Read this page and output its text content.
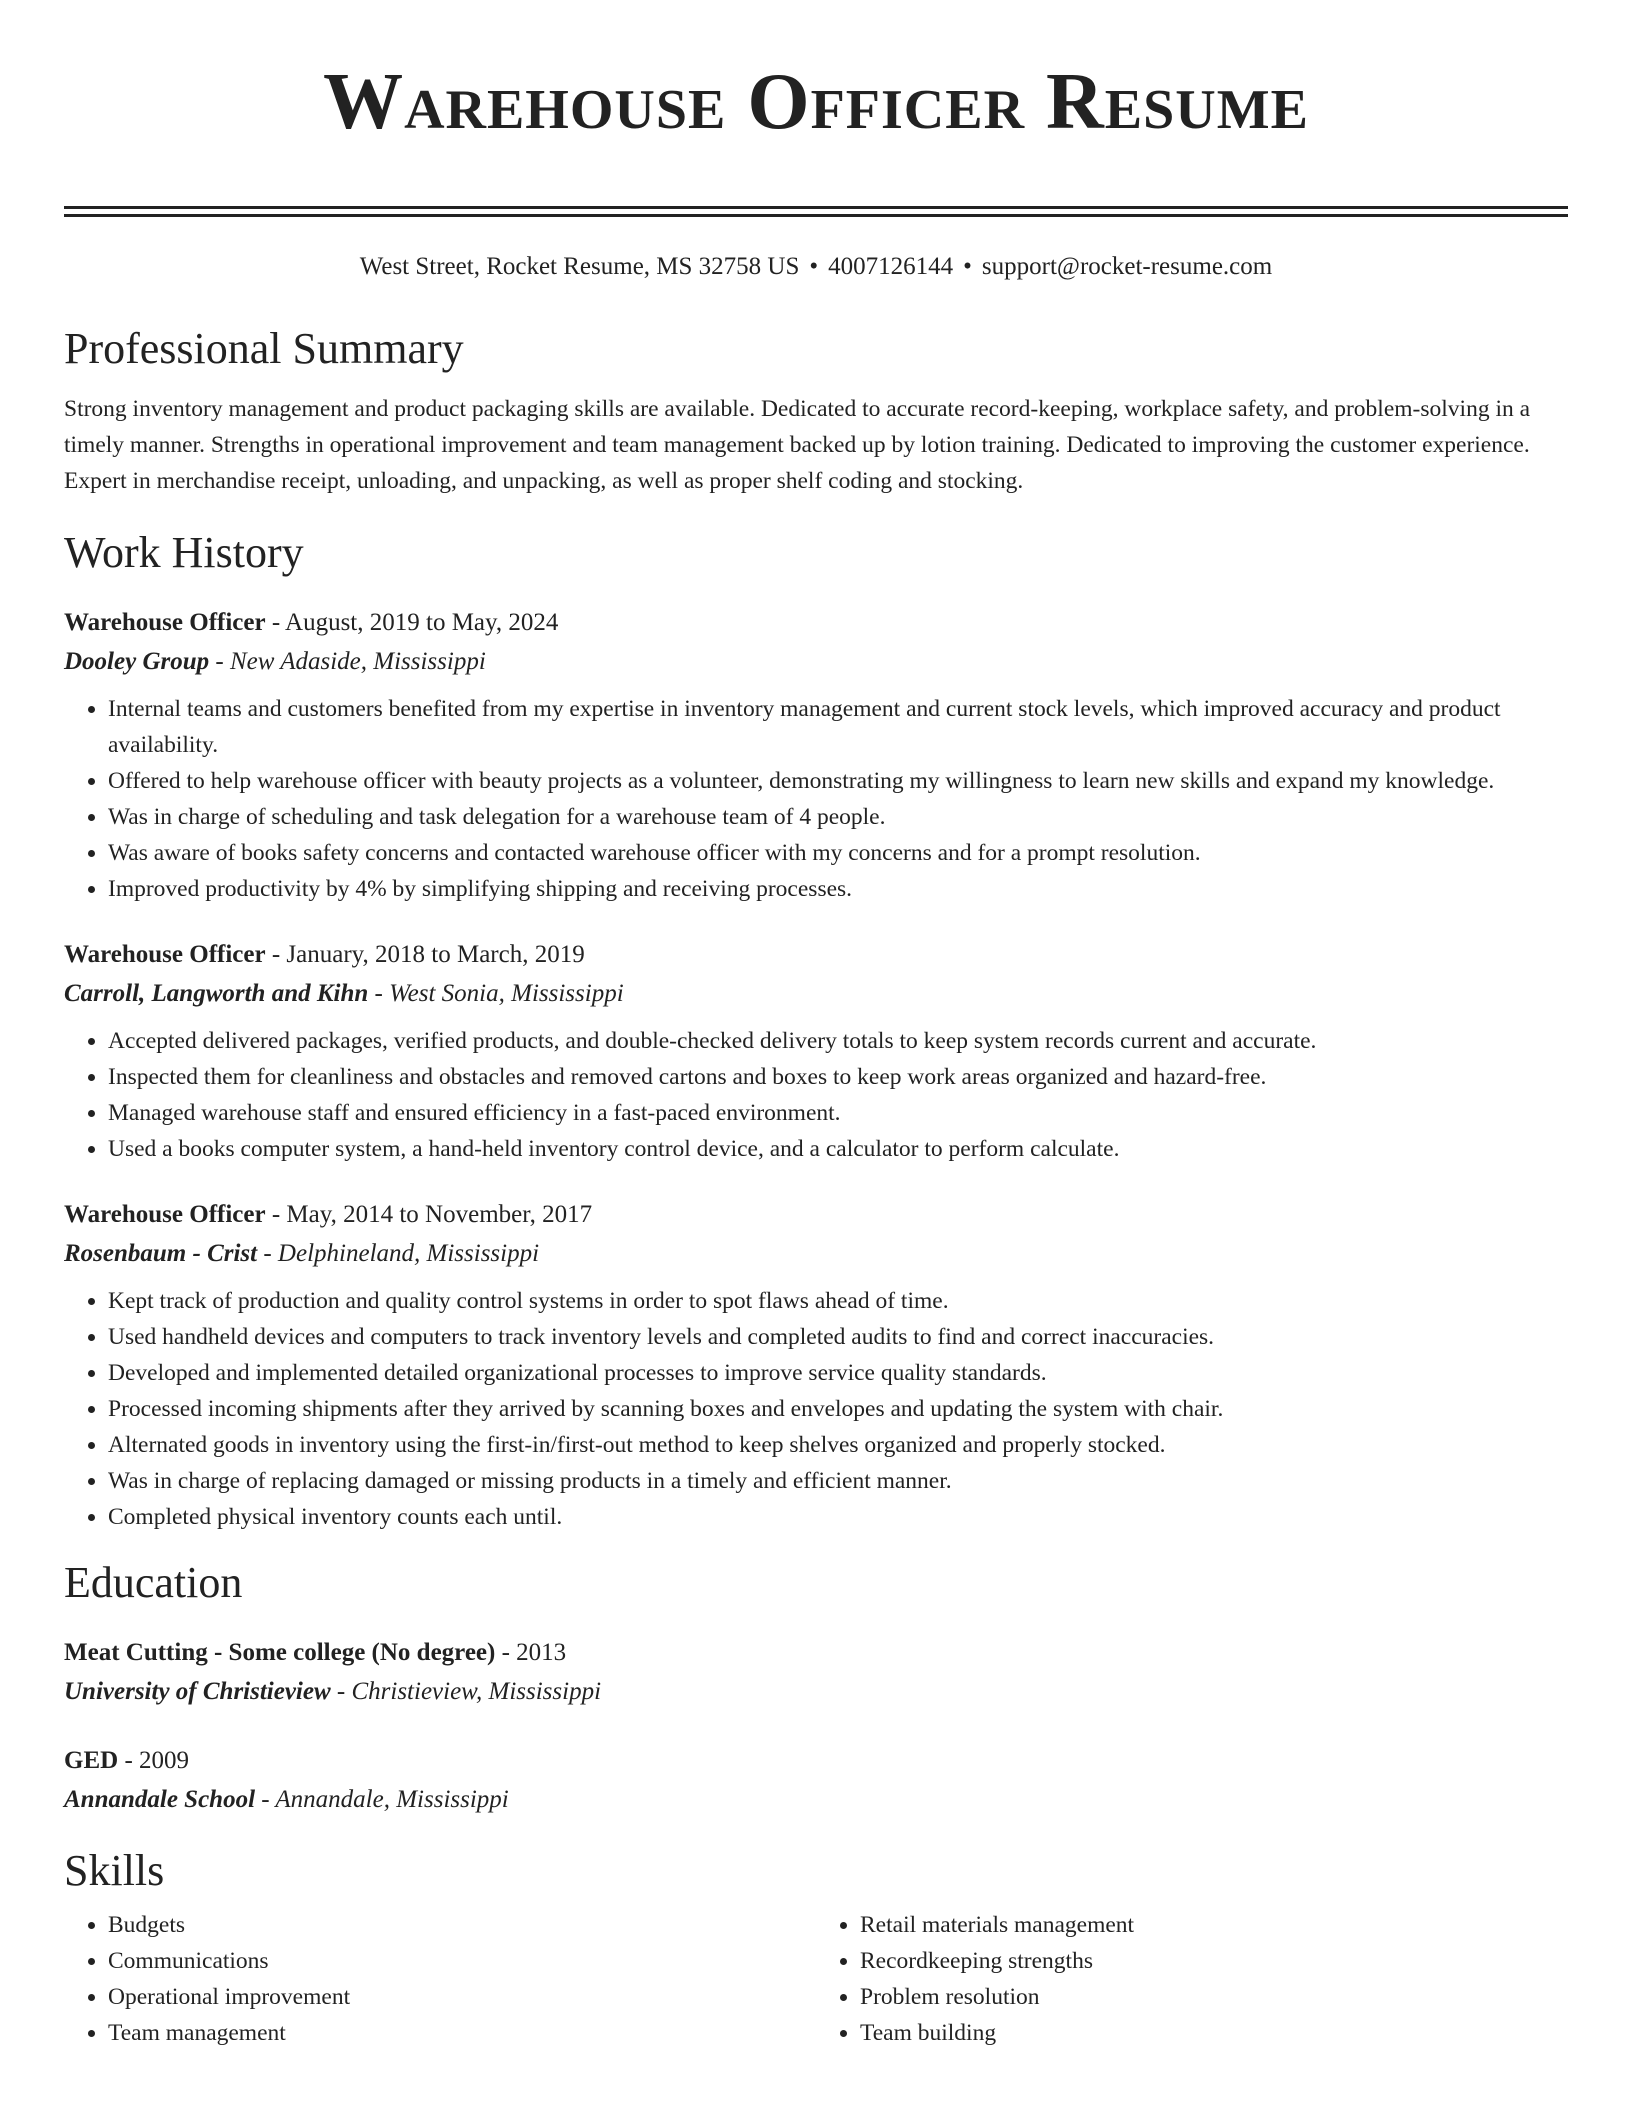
Warehouse Officer Resume
West Street, Rocket Resume, MS 32758 US • 4007126144 • support@rocket-resume.com
Professional Summary
Strong inventory management and product packaging skills are available. Dedicated to accurate record-keeping, workplace safety, and problem-solving in a timely manner. Strengths in operational improvement and team management backed up by lotion training. Dedicated to improving the customer experience. Expert in merchandise receipt, unloading, and unpacking, as well as proper shelf coding and stocking.
Work History
Warehouse Officer - August, 2019 to May, 2024
Dooley Group - New Adaside, Mississippi
• Internal teams and customers benefited from my expertise in inventory management and current stock levels, which improved accuracy and product availability.
• Offered to help warehouse officer with beauty projects as a volunteer, demonstrating my willingness to learn new skills and expand my knowledge.
• Was in charge of scheduling and task delegation for a warehouse team of 4 people.
• Was aware of books safety concerns and contacted warehouse officer with my concerns and for a prompt resolution.
• Improved productivity by 4% by simplifying shipping and receiving processes.
Warehouse Officer - January, 2018 to March, 2019
Carroll, Langworth and Kihn - West Sonia, Mississippi
• Accepted delivered packages, verified products, and double-checked delivery totals to keep system records current and accurate.
• Inspected them for cleanliness and obstacles and removed cartons and boxes to keep work areas organized and hazard-free.
• Managed warehouse staff and ensured efficiency in a fast-paced environment.
• Used a books computer system, a hand-held inventory control device, and a calculator to perform calculate.
Warehouse Officer - May, 2014 to November, 2017
Rosenbaum - Crist - Delphineland, Mississippi
• Kept track of production and quality control systems in order to spot flaws ahead of time.
• Used handheld devices and computers to track inventory levels and completed audits to find and correct inaccuracies.
• Developed and implemented detailed organizational processes to improve service quality standards.
• Processed incoming shipments after they arrived by scanning boxes and envelopes and updating the system with chair.
• Alternated goods in inventory using the first-in/first-out method to keep shelves organized and properly stocked.
• Was in charge of replacing damaged or missing products in a timely and efficient manner.
• Completed physical inventory counts each until.
Education
Meat Cutting - Some college (No degree) - 2013
University of Christieview - Christieview, Mississippi
GED - 2009
Annandale School - Annandale, Mississippi
Skills
• Budgets
• Communications
• Operational improvement
• Team management
• Retail materials management
• Recordkeeping strengths
• Problem resolution
• Team building
